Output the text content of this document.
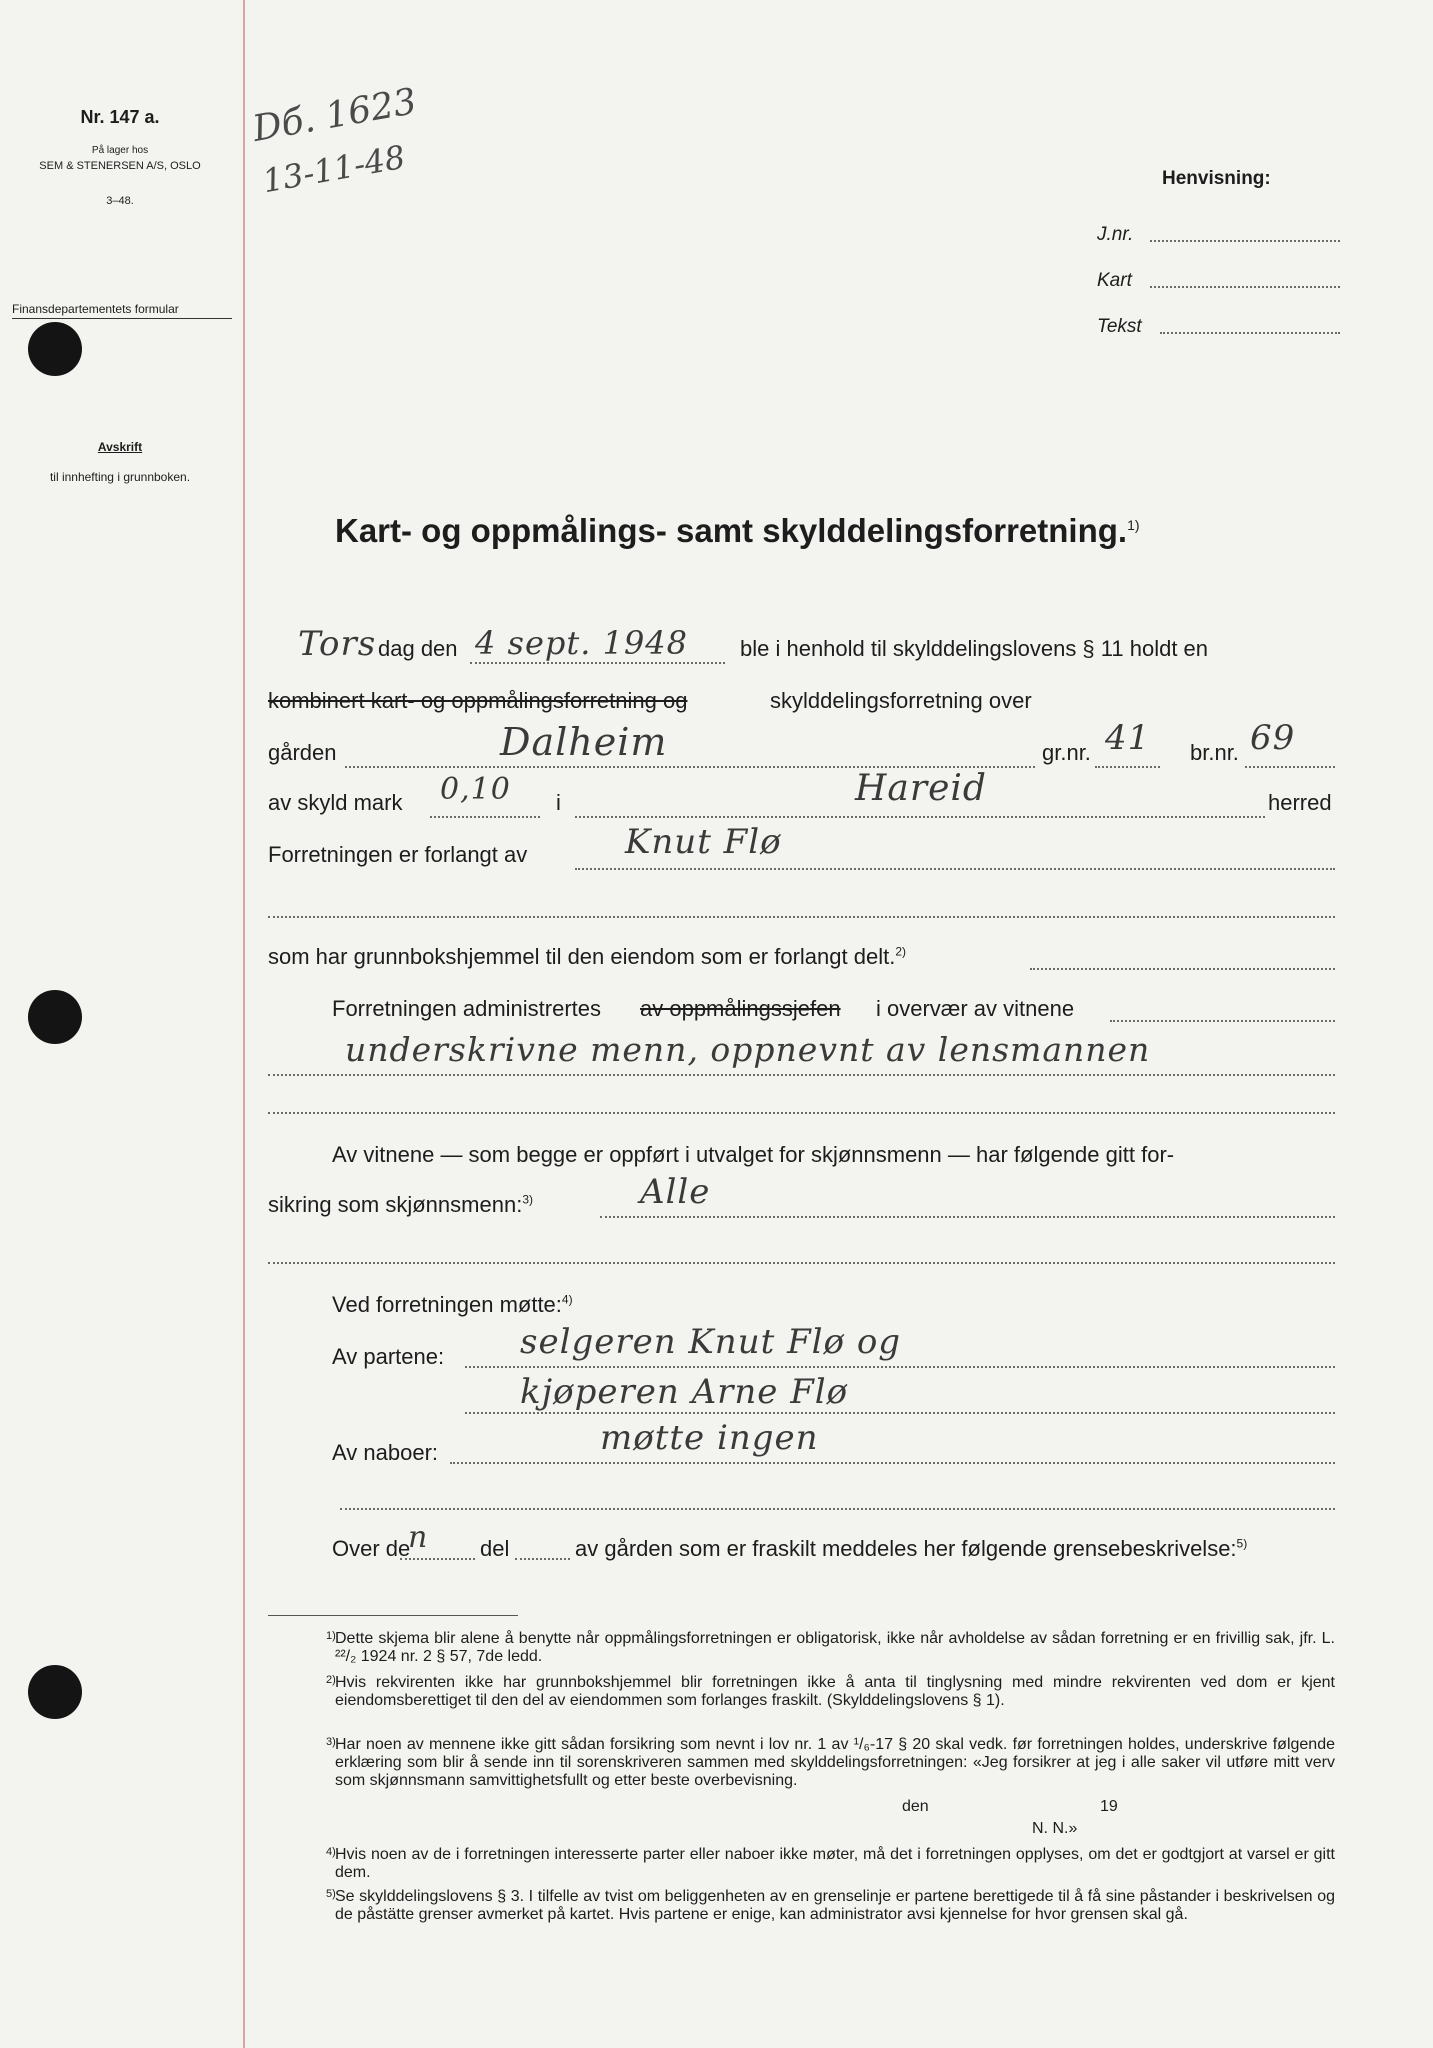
Nr. 147 a.
På lager hos
SEM & STENERSEN A/S, OSLO
3–48.
Finansdepartementets formular
Avskrift
til innhefting i grunnboken.
Dб. 1623
13-11-48	Henvisning:
J.nr.
Kart
Tekst
Kart- og oppmålings- samt skylddelingsforretning.$^{1)}$
Tors dag den 4 sept. 1948 ble i henhold til skylddelingslovens § 11 holdt en
kombinert kart- og oppmålingsforretning og	skylddelingsforretning over
gården	Dalheim	gr.nr. 41 br.nr. 69
av skyld mark 0,10 i	Hareid	herred
Forretningen er forlangt av	Knut Flø
som har grunnbokshjemmel til den eiendom som er forlangt delt.$^{2)}$
Forretningen administrertes av oppmålingssjefen i overvær av vitnene
underskrivne menn, oppnevnt av lensmannen
Av vitnene — som begge er oppført i utvalget for skjønnsmenn — har følgende gitt for-
sikring som skjønnsmenn:$^{3)}$	Alle
Ved forretningen møtte:$^{4)}$
Av partene: selgeren Knut Flø og
kjøperen Arne Flø
Av naboer:	møtte ingen
Over de
n del	av gården som er fraskilt meddeles her følgende grensebeskrivelse:$^{5)}$
1) Dette skjema blir alene å benytte når oppmålingsforretningen er obligatorisk, ikke når avholdelse av sådan forretning er en frivillig sak, jfr. L. ²²/₂ 1924 nr. 2 § 57, 7de ledd.
2) Hvis rekvirenten ikke har grunnbokshjemmel blir forretningen ikke å anta til tinglysning med mindre rekvirenten ved dom er kjent eiendomsberettiget til den del av eiendommen som forlanges fraskilt. (Skylddelingslovens § 1).
3) Har noen av mennene ikke gitt sådan forsikring som nevnt i lov nr. 1 av ¹/₆-17 § 20 skal vedk. før forretningen holdes, underskrive følgende erklæring som blir å sende inn til sorenskriveren sammen med skylddelingsforretningen: «Jeg forsikrer at jeg i alle saker vil utføre mitt verv som skjønnsmann samvittighetsfullt og etter beste overbevisning.
den	19
N. N.»
4) Hvis noen av de i forretningen interesserte parter eller naboer ikke møter, må det i forretningen opplyses, om det er godtgjort at varsel er gitt dem.
5) Se skylddelingslovens § 3. I tilfelle av tvist om beliggenheten av en grenselinje er partene berettigede til å få sine påstander i beskrivelsen og de påstätte grenser avmerket på kartet. Hvis partene er enige, kan administrator avsi kjennelse for hvor grensen skal gå.
